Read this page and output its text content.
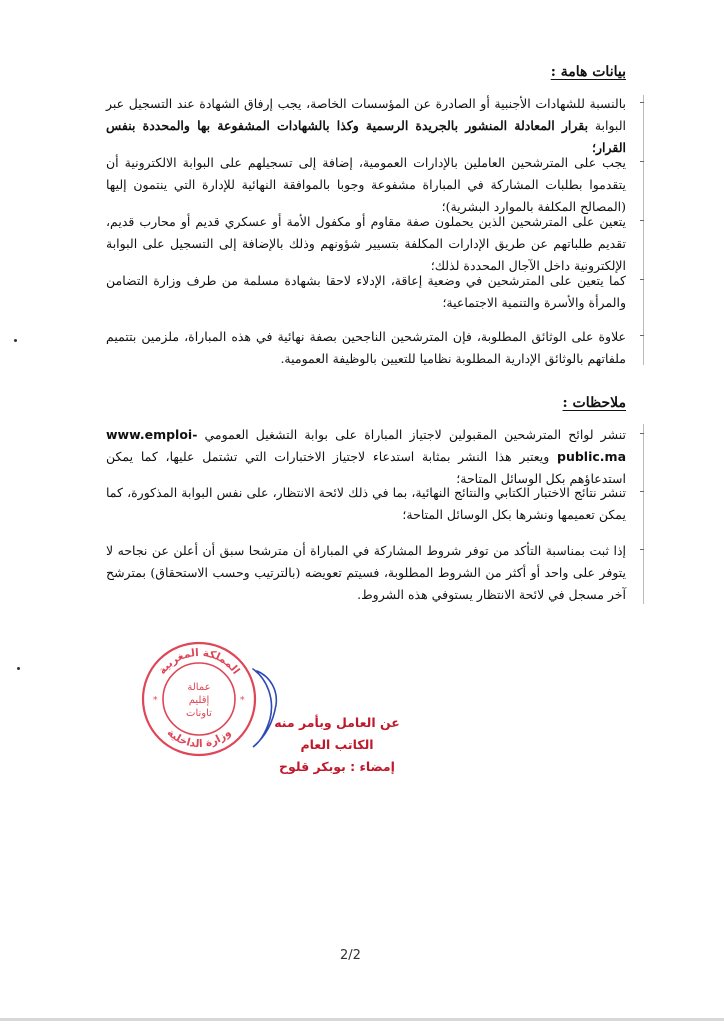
بيانات هامة :
بالنسبة للشهادات الأجنبية أو الصادرة عن المؤسسات الخاصة، يجب إرفاق الشهادة عند التسجيل عبر البوابة بقرار المعادلة المنشور بالجريدة الرسمية وكذا بالشهادات المشفوعة بها والمحددة بنفس القرار؛
يجب على المترشحين العاملين بالإدارات العمومية، إضافة إلى تسجيلهم على البوابة الالكترونية أن يتقدموا بطلبات المشاركة في المباراة مشفوعة وجوبا بالموافقة النهائية للإدارة التي ينتمون إليها (المصالح المكلفة بالموارد البشرية)؛
يتعين على المترشحين الذين يحملون صفة مقاوم أو مكفول الأمة أو عسكري قديم أو محارب قديم، تقديم طلباتهم عن طريق الإدارات المكلفة بتسيير شؤونهم وذلك بالإضافة إلى التسجيل على البوابة الإلكترونية داخل الآجال المحددة لذلك؛
كما يتعين على المترشحين في وضعية إعاقة، الإدلاء لاحقا بشهادة مسلمة من طرف وزارة التضامن والمرأة والأسرة والتنمية الاجتماعية؛
علاوة على الوثائق المطلوبة، فإن المترشحين الناجحين بصفة نهائية في هذه المباراة، ملزمين بتتميم ملفاتهم بالوثائق الإدارية المطلوبة نظاميا للتعيين بالوظيفة العمومية.
ملاحظات :
تنشر لوائح المترشحين المقبولين لاجتياز المباراة على بوابة التشغيل العمومي www.emploi-public.ma ويعتبر هذا النشر بمثابة استدعاء لاجتياز الاختبارات التي تشتمل عليها، كما يمكن استدعاؤهم بكل الوسائل المتاحة؛
تنشر نتائج الاختبار الكتابي والنتائج النهائية، بما في ذلك لائحة الانتظار، على نفس البوابة المذكورة، كما يمكن تعميمها ونشرها بكل الوسائل المتاحة؛
إذا ثبت بمناسبة التأكد من توفر شروط المشاركة في المباراة أن مترشحا سبق أن أعلن عن نجاحه لا يتوفر على واحد أو أكثر من الشروط المطلوبة، فسيتم تعويضه (بالترتيب وحسب الاستحقاق) بمترشح آخر مسجل في لائحة الانتظار يستوفي هذه الشروط.
المملكة المغربية
وزارة الداخلية
عمالة
إقليم
تاونات
*	*
عن العامل وبأمر منه
الكاتب العام
إمضاء : بوبكر قلوح
2/2
